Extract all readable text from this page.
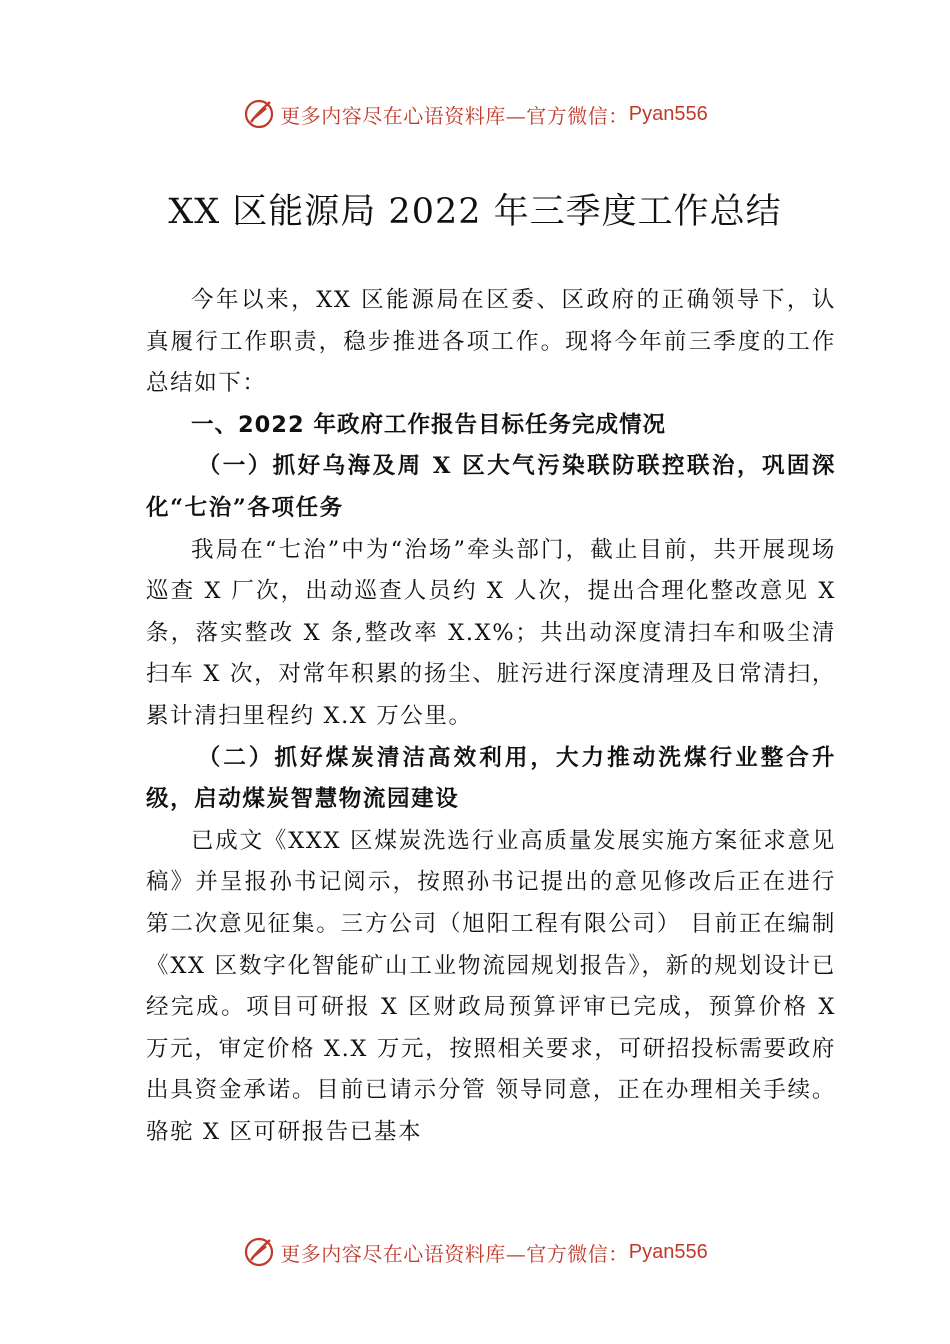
更多内容尽在心语资料库—官方微信： Pyan556
XX 区能源局 2022 年三季度工作总结

今年以来，XX 区能源局在区委、区政府的正确领导下，认真履行工作职责，稳步推进各项工作。现将今年前三季度的工作总结如下：

一、2022 年政府工作报告目标任务完成情况

（一）抓好乌海及周 X 区大气污染联防联控联治，巩固深化“七治”各项任务

我局在“七治”中为“治场”牵头部门，截止目前，共开展现场巡查 X 厂次，出动巡查人员约 X 人次，提出合理化整改意见 X 条，落实整改 X 条,整改率 X.X%；共出动深度清扫车和吸尘清扫车 X 次，对常年积累的扬尘、脏污进行深度清理及日常清扫，累计清扫里程约 X.X 万公里。

（二）抓好煤炭清洁高效利用，大力推动洗煤行业整合升级，启动煤炭智慧物流园建设

已成文《XXX 区煤炭洗选行业高质量发展实施方案征求意见稿》并呈报孙书记阅示，按照孙书记提出的意见修改后正在进行第二次意见征集。三方公司（旭阳工程有限公司） 目前正在编制《XX 区数字化智能矿山工业物流园规划报告》，新的规划设计已经完成。项目可研报 X 区财政局预算评审已完成，预算价格 X 万元，审定价格 X.X 万元，按照相关要求，可研招投标需要政府出具资金承诺。目前已请示分管 领导同意，正在办理相关手续。骆驼 X 区可研报告已基本

更多内容尽在心语资料库—官方微信： Pyan556
